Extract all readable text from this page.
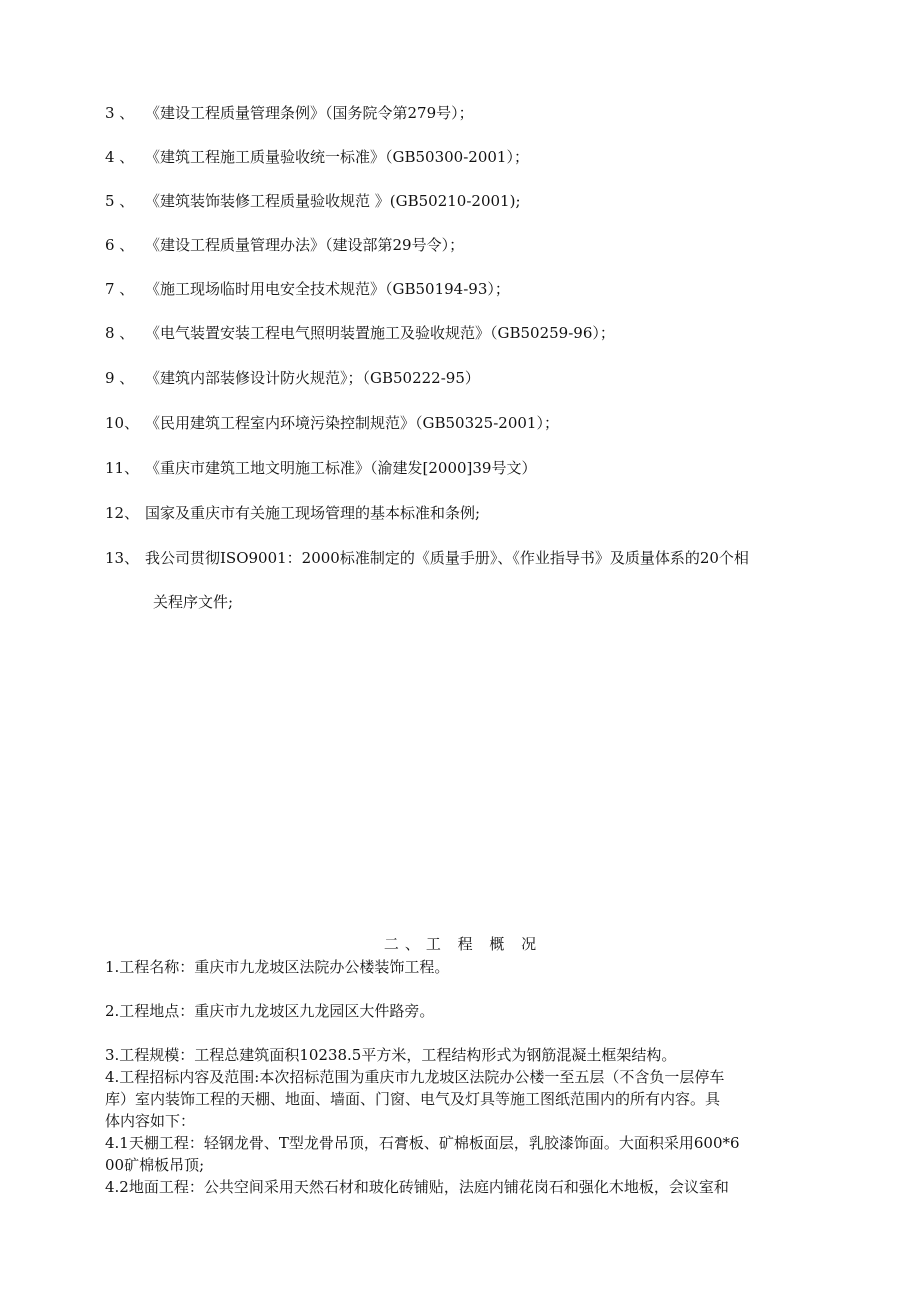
3 、 《建设工程质量管理条例》（国务院令第279号）；
4 、 《建筑工程施工质量验收统一标准》（GB50300-2001）；
5 、 《建筑装饰装修工程质量验收规范 》(GB50210-2001);
6 、 《建设工程质量管理办法》（建设部第29号令）；
7 、 《施工现场临时用电安全技术规范》（GB50194-93）；
8 、 《电气装置安装工程电气照明装置施工及验收规范》（GB50259-96）；
9 、 《建筑内部装修设计防火规范》；（GB50222-95）
10、 《民用建筑工程室内环境污染控制规范》（GB50325-2001）；
11、 《重庆市建筑工地文明施工标准》（渝建发[2000]39号文）
12、 国家及重庆市有关施工现场管理的基本标准和条例;
13、 我公司贯彻ISO9001：2000标准制定的《质量手册》、《作业指导书》及质量体系的20个相
关程序文件;
二、工 程 概 况
1.工程名称：重庆市九龙坡区法院办公楼装饰工程。
2.工程地点：重庆市九龙坡区九龙园区大件路旁。
3.工程规模：工程总建筑面积10238.5平方米，工程结构形式为钢筋混凝土框架结构。
4.工程招标内容及范围:本次招标范围为重庆市九龙坡区法院办公楼一至五层（不含负一层停车
库）室内装饰工程的天棚、地面、墙面、门窗、电气及灯具等施工图纸范围内的所有内容。具
体内容如下：
4.1天棚工程：轻钢龙骨、T型龙骨吊顶，石膏板、矿棉板面层，乳胶漆饰面。大面积采用600*6
00矿棉板吊顶;
4.2地面工程：公共空间采用天然石材和玻化砖铺贴，法庭内铺花岗石和强化木地板，会议室和
